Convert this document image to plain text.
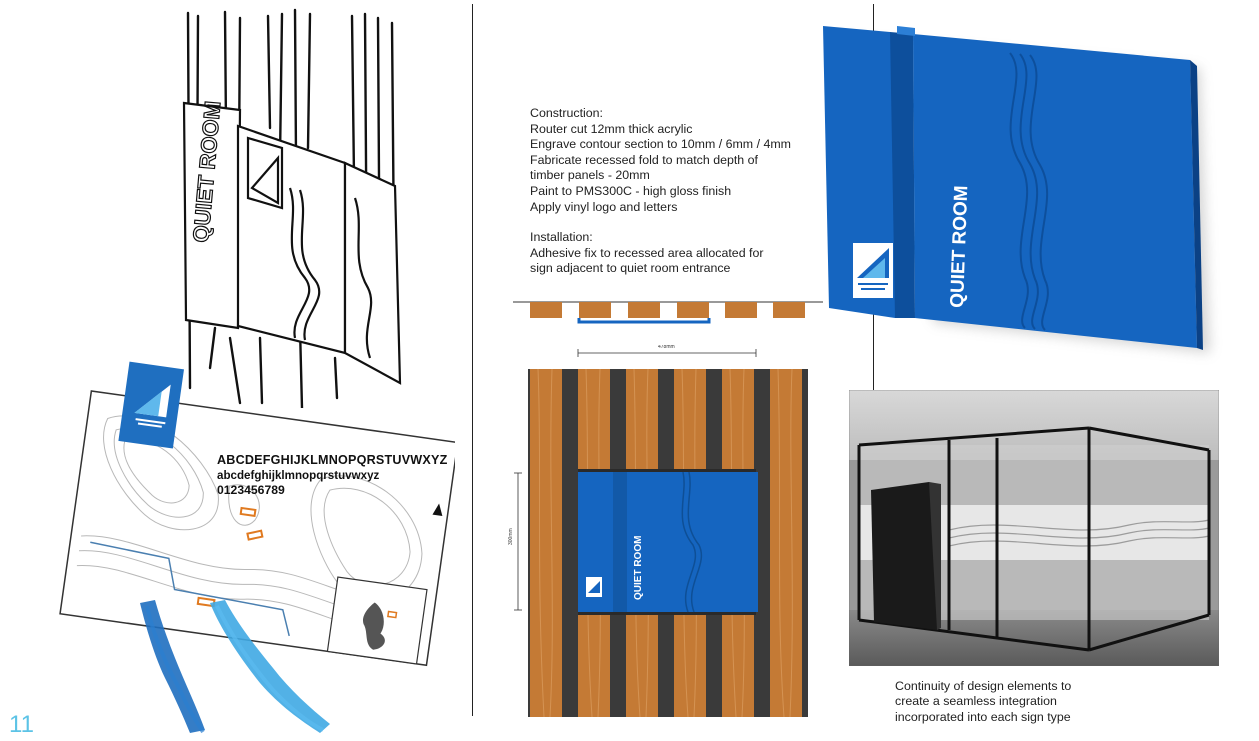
QUIET ROOM
ABCDEFGHIJKLMNOPQRSTUVWXYZ
abcdefghijklmnopqrstuvwxyz
0123456789
11
Construction:
Router cut 12mm thick acrylic
Engrave contour section to 10mm / 6mm / 4mm
Fabricate recessed fold to match depth of
timber panels - 20mm
Paint to PMS300C - high gloss finish
Apply vinyl logo and letters
Installation:
Adhesive fix to recessed area allocated for
sign adjacent to quiet room entrance
478mm
300mm	QUIET ROOM
QUIET ROOM
Continuity of design elements to
create a seamless integration
incorporated into each sign type
